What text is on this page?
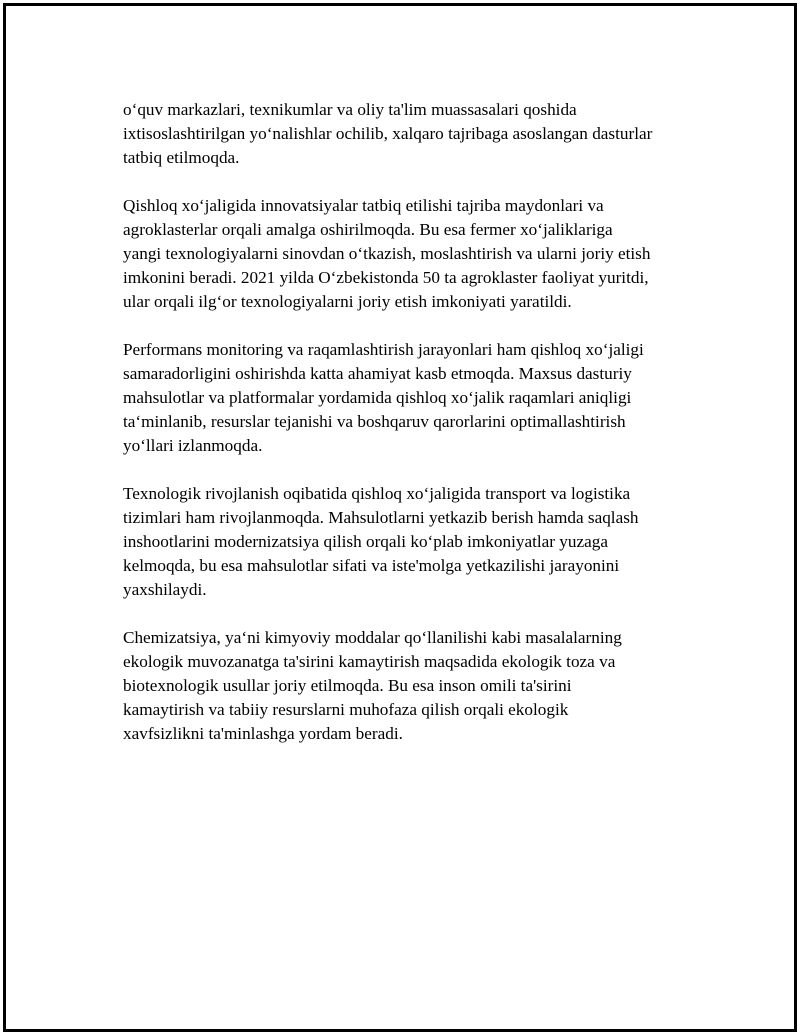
o‘quv markazlari, texnikumlar va oliy ta'lim muassasalari qoshida
ixtisoslashtirilgan yo‘nalishlar ochilib, xalqaro tajribaga asoslangan dasturlar
tatbiq etilmoqda.

Qishloq xo‘jaligida innovatsiyalar tatbiq etilishi tajriba maydonlari va
agroklasterlar orqali amalga oshirilmoqda. Bu esa fermer xo‘jaliklariga
yangi texnologiyalarni sinovdan o‘tkazish, moslashtirish va ularni joriy etish
imkonini beradi. 2021 yilda O‘zbekistonda 50 ta agroklaster faoliyat yuritdi,
ular orqali ilg‘or texnologiyalarni joriy etish imkoniyati yaratildi.

Performans monitoring va raqamlashtirish jarayonlari ham qishloq xo‘jaligi
samaradorligini oshirishda katta ahamiyat kasb etmoqda. Maxsus dasturiy
mahsulotlar va platformalar yordamida qishloq xo‘jalik raqamlari aniqligi
ta‘minlanib, resurslar tejanishi va boshqaruv qarorlarini optimallashtirish
yo‘llari izlanmoqda.

Texnologik rivojlanish oqibatida qishloq xo‘jaligida transport va logistika
tizimlari ham rivojlanmoqda. Mahsulotlarni yetkazib berish hamda saqlash
inshootlarini modernizatsiya qilish orqali ko‘plab imkoniyatlar yuzaga
kelmoqda, bu esa mahsulotlar sifati va iste'molga yetkazilishi jarayonini
yaxshilaydi.

Chemizatsiya, ya‘ni kimyoviy moddalar qo‘llanilishi kabi masalalarning
ekologik muvozanatga ta'sirini kamaytirish maqsadida ekologik toza va
biotexnologik usullar joriy etilmoqda. Bu esa inson omili ta'sirini
kamaytirish va tabiiy resurslarni muhofaza qilish orqali ekologik
xavfsizlikni ta'minlashga yordam beradi.
